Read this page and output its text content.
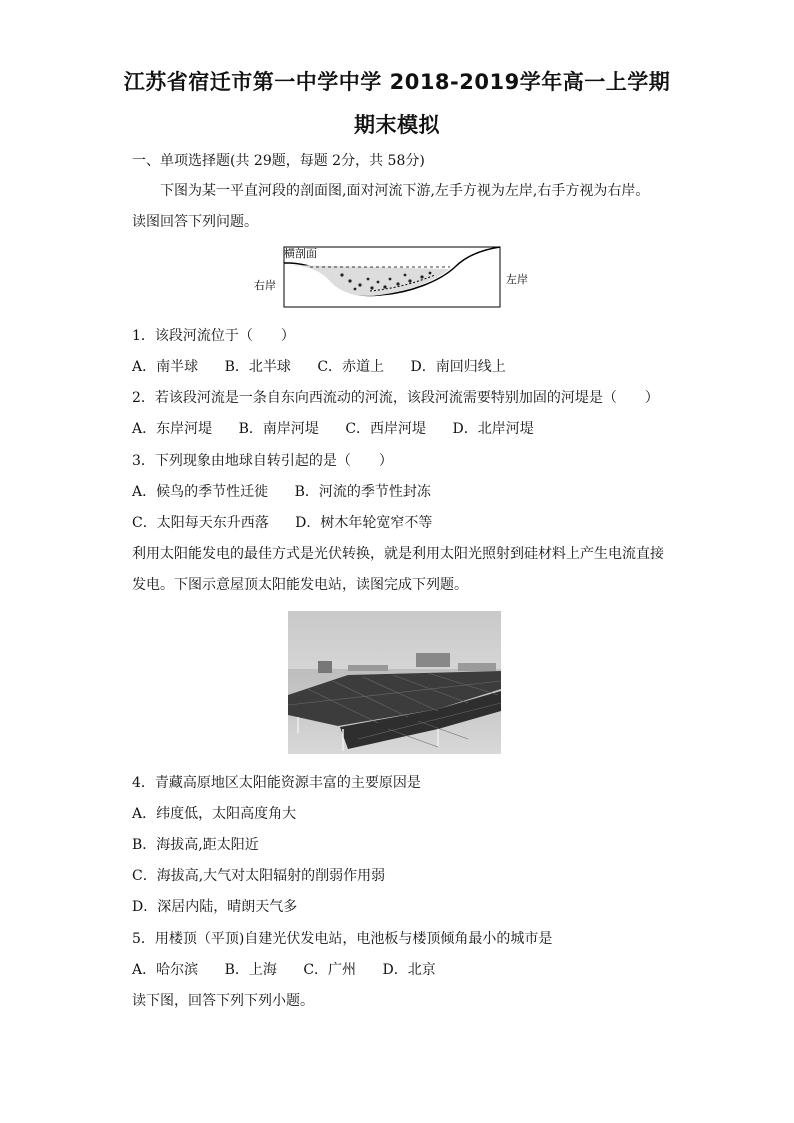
江苏省宿迁市第一中学中学 2018-2019学年高一上学期
期末模拟
一、单项选择题(共 29题，每题 2分，共 58分)
下图为某一平直河段的剖面图,面对河流下游,左手方视为左岸,右手方视为右岸。
读图回答下列问题。
横剖面
右岸	左岸
1．该段河流位于（　　）
A．南半球 B．北半球 C．赤道上 D．南回归线上
2．若该段河流是一条自东向西流动的河流，该段河流需要特别加固的河堤是（　　）
A．东岸河堤 B．南岸河堤 C．西岸河堤 D．北岸河堤
3．下列现象由地球自转引起的是（　　）
A．候鸟的季节性迁徙 B．河流的季节性封冻
C．太阳每天东升西落 D．树木年轮宽窄不等
利用太阳能发电的最佳方式是光伏转换，就是利用太阳光照射到硅材料上产生电流直接
发电。下图示意屋顶太阳能发电站，读图完成下列题。
4．青藏高原地区太阳能资源丰富的主要原因是
A．纬度低，太阳高度角大
B．海拔高,距太阳近
C．海拔高,大气对太阳辐射的削弱作用弱
D．深居内陆，晴朗天气多
5．用楼顶（平顶)自建光伏发电站，电池板与楼顶倾角最小的城市是
A．哈尔滨 B．上海 C．广州 D．北京
读下图，回答下列下列小题。
